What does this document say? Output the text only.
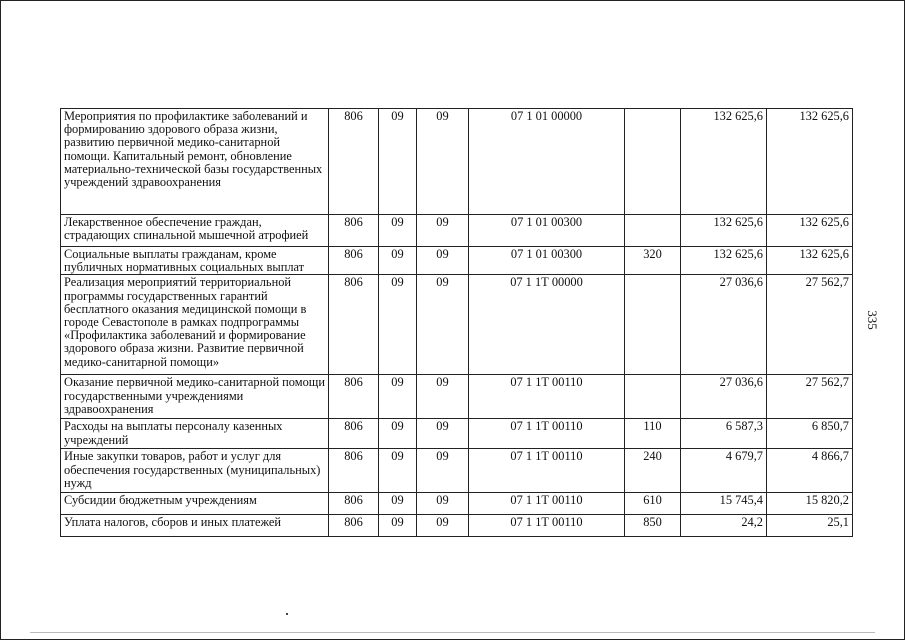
Мероприятия по профилактике заболеваний и формированию здорового образа жизни, развитию первичной медико-санитарной помощи. Капитальный ремонт, обновление материально-технической базы государственных учреждений здравоохранения	806	09	09	07 1 01 00000		132 625,6	132 625,6
Лекарственное обеспечение граждан, страдающих спинальной мышечной атрофией	806	09	09	07 1 01 00300		132 625,6	132 625,6
Социальные выплаты гражданам, кроме публичных нормативных социальных выплат	806	09	09	07 1 01 00300	320	132 625,6	132 625,6
Реализация мероприятий территориальной программы государственных гарантий бесплатного оказания медицинской помощи в городе Севастополе в рамках подпрограммы «Профилактика заболеваний и формирование здорового образа жизни. Развитие первичной медико-санитарной помощи»	806	09	09	07 1 1Т 00000		27 036,6	27 562,7
Оказание первичной медико-санитарной помощи государственными учреждениями здравоохранения	806	09	09	07 1 1Т 00110		27 036,6	27 562,7
Расходы на выплаты персоналу казенных учреждений	806	09	09	07 1 1Т 00110	110	6 587,3	6 850,7
Иные закупки товаров, работ и услуг для обеспечения государственных (муниципальных) нужд	806	09	09	07 1 1Т 00110	240	4 679,7	4 866,7
Субсидии бюджетным учреждениям	806	09	09	07 1 1Т 00110	610	15 745,4	15 820,2
Уплата налогов, сборов и иных платежей	806	09	09	07 1 1Т 00110	850	24,2	25,1
335
